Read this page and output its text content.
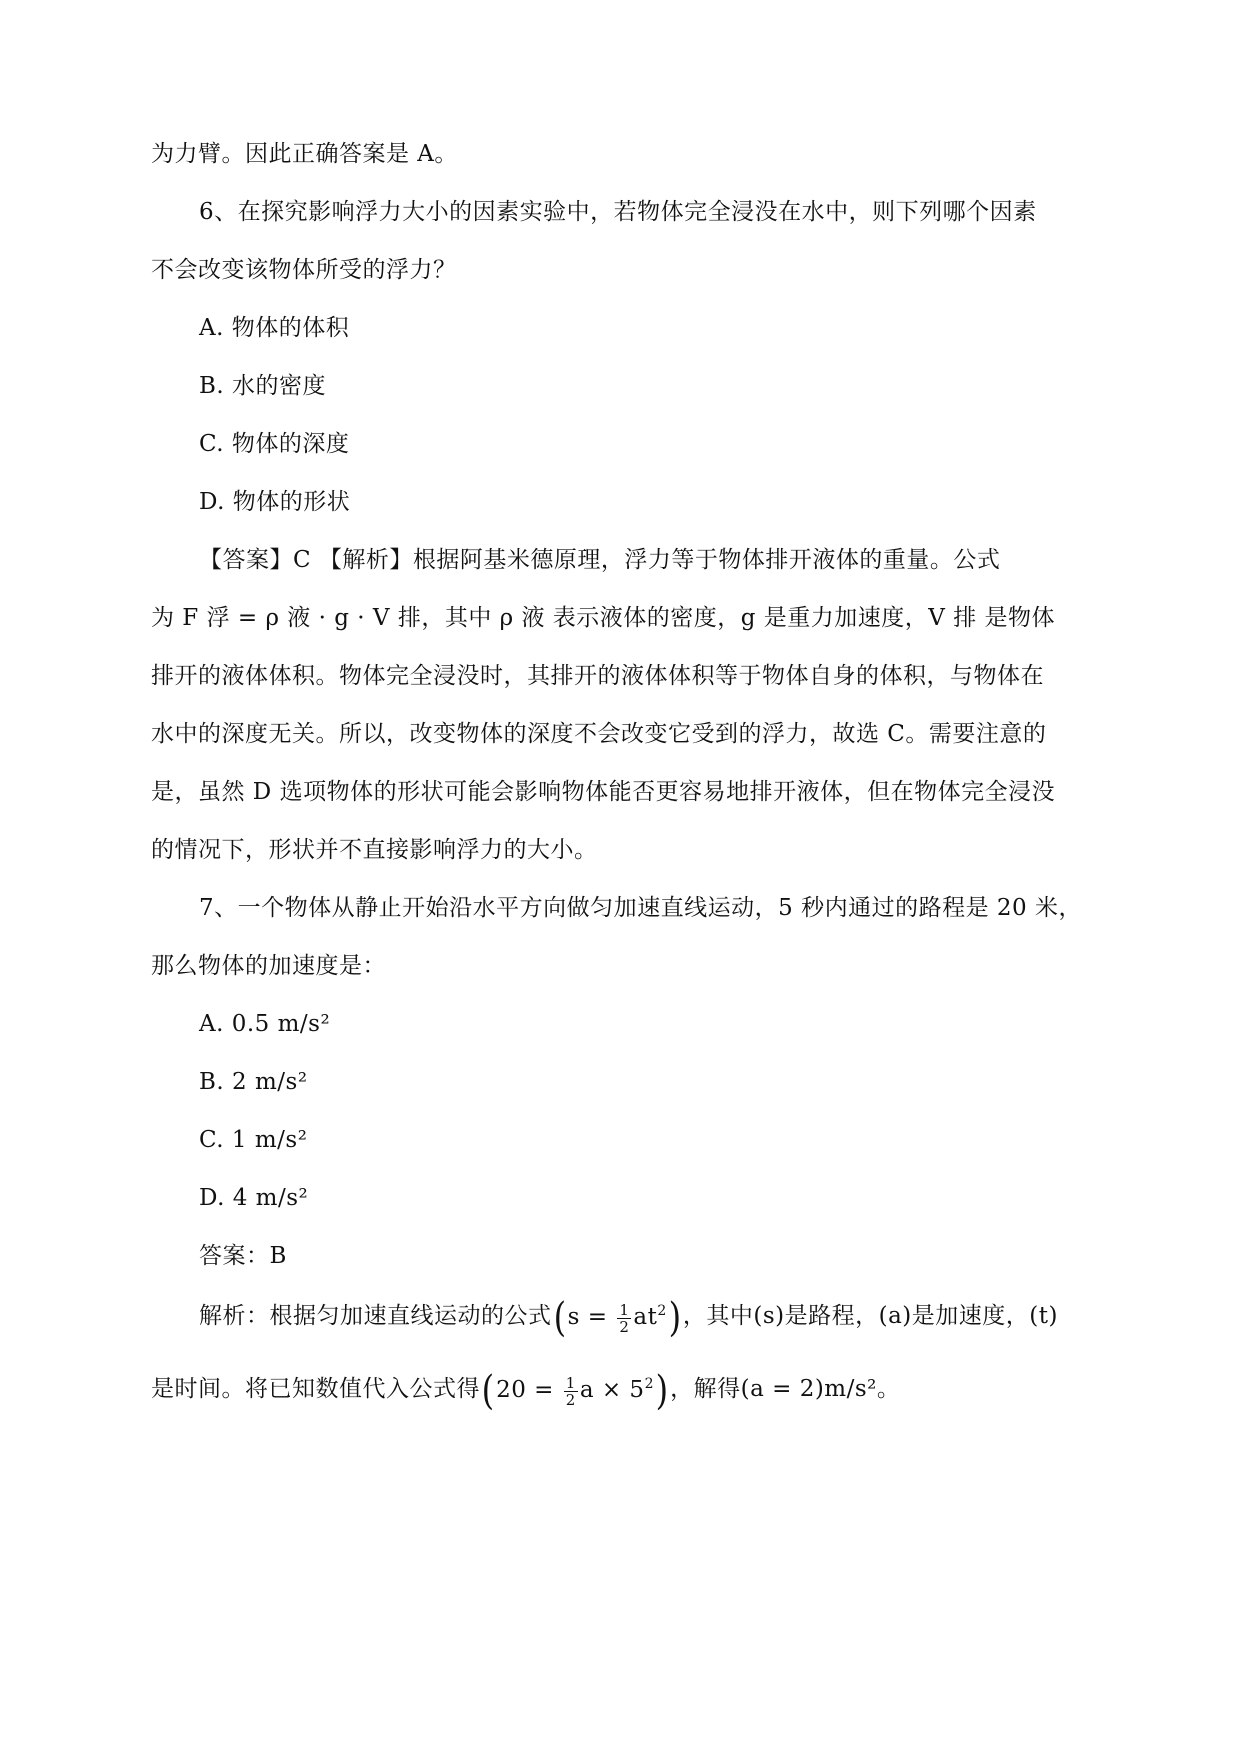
为力臂。因此正确答案是 A。
6、在探究影响浮力大小的因素实验中，若物体完全浸没在水中，则下列哪个因素
不会改变该物体所受的浮力？
A. 物体的体积
B. 水的密度
C. 物体的深度
D. 物体的形状
【答案】C 【解析】根据阿基米德原理，浮力等于物体排开液体的重量。公式
为 F 浮 = ρ 液 · g · V 排，其中 ρ 液 表示液体的密度，g 是重力加速度，V 排 是物体
排开的液体体积。物体完全浸没时，其排开的液体体积等于物体自身的体积，与物体在
水中的深度无关。所以，改变物体的深度不会改变它受到的浮力，故选 C。需要注意的
是，虽然 D 选项物体的形状可能会影响物体能否更容易地排开液体，但在物体完全浸没
的情况下，形状并不直接影响浮力的大小。
7、一个物体从静止开始沿水平方向做匀加速直线运动，5 秒内通过的路程是 20 米，
那么物体的加速度是：
A. 0.5 m/s²
B. 2 m/s²
C. 1 m/s²
D. 4 m/s²
答案：B
解析：根据匀加速直线运动的公式$(s = \frac{1}{2} at^2)$，其中(s)是路程，(a)是加速度，(t)
是时间。将已知数值代入公式得($20 = \frac{1}{2}$ $a \times 5^2$)，解得(a = 2)m/s²。
